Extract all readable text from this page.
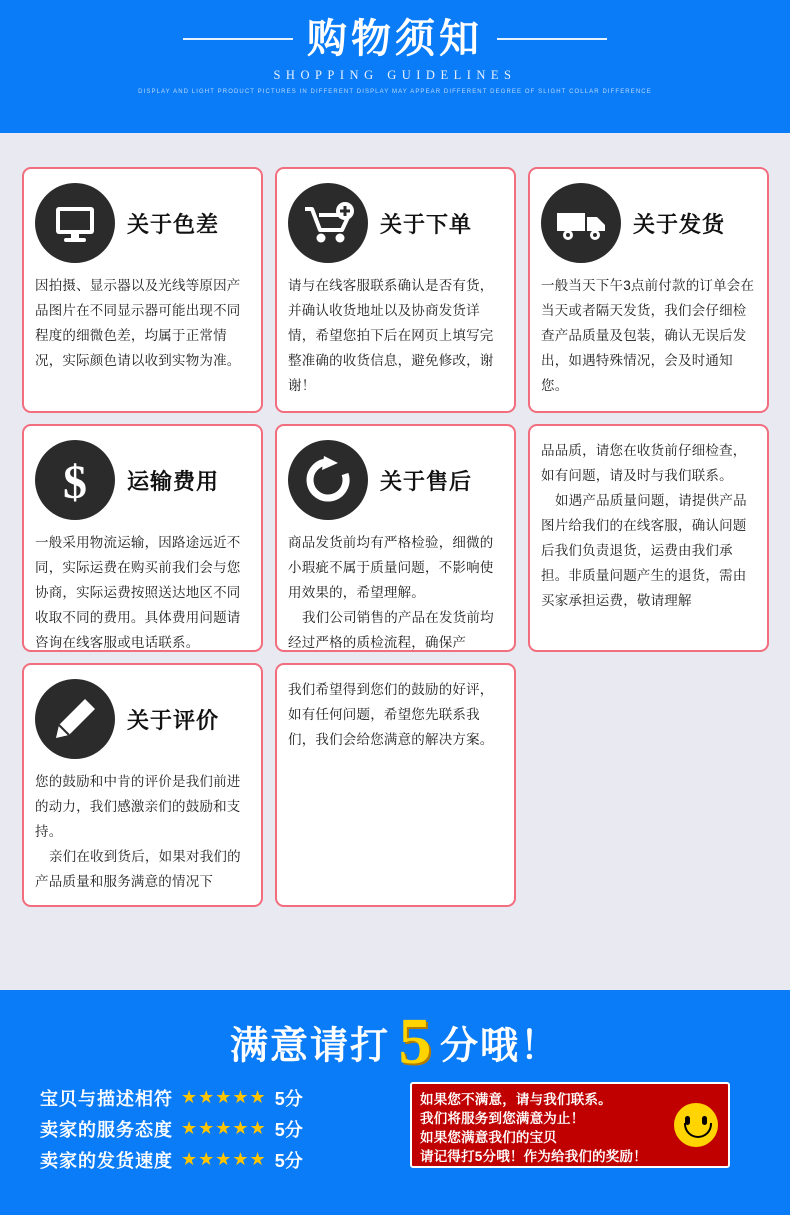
购物须知
SHOPPING GUIDELINES
DISPLAY AND LIGHT PRODUCT PICTURES IN DIFFERENT DISPLAY MAY APPEAR DIFFERENT DEGREE OF SLIGHT COLLAR DIFFERENCE
关于色差

因拍摄、显示器以及光线等原因产品图片在不同显示器可能出现不同程度的细微色差，均属于正常情况，实际颜色请以收到实物为准。

关于下单

请与在线客服联系确认是否有货，并确认收货地址以及协商发货详情，希望您拍下后在网页上填写完整准确的收货信息，避免修改，谢谢！

关于发货

一般当天下午3点前付款的订单会在当天或者隔天发货，我们会仔细检查产品质量及包装，确认无误后发出，如遇特殊情况，会及时通知您。

$ 运输费用

一般采用物流运输，因路途远近不同，实际运费在购买前我们会与您协商，实际运费按照送达地区不同收取不同的费用。具体费用问题请咨询在线客服或电话联系。

关于售后

商品发货前均有严格检验，细微的小瑕疵不属于质量问题，不影响使用效果的，希望理解。

我们公司销售的产品在发货前均经过严格的质检流程，确保产

品品质，请您在收货前仔细检查，如有问题，请及时与我们联系。

如遇产品质量问题，请提供产品图片给我们的在线客服，确认问题后我们负责退货，运费由我们承担。非质量问题产生的退货，需由买家承担运费，敬请理解

关于评价

您的鼓励和中肯的评价是我们前进的动力，我们感激亲们的鼓励和支持。

亲们在收到货后，如果对我们的产品质量和服务满意的情况下

我们希望得到您们的鼓励的好评，如有任何问题，希望您先联系我们，我们会给您满意的解决方案。

满意请打 5 分哦！
宝贝与描述相符 ★★★★★ 5分
卖家的服务态度 ★★★★★ 5分
卖家的发货速度 ★★★★★ 5分

如果您不满意，请与我们联系。

我们将服务到您满意为止！

如果您满意我们的宝贝

请记得打5分哦！作为给我们的奖励！
